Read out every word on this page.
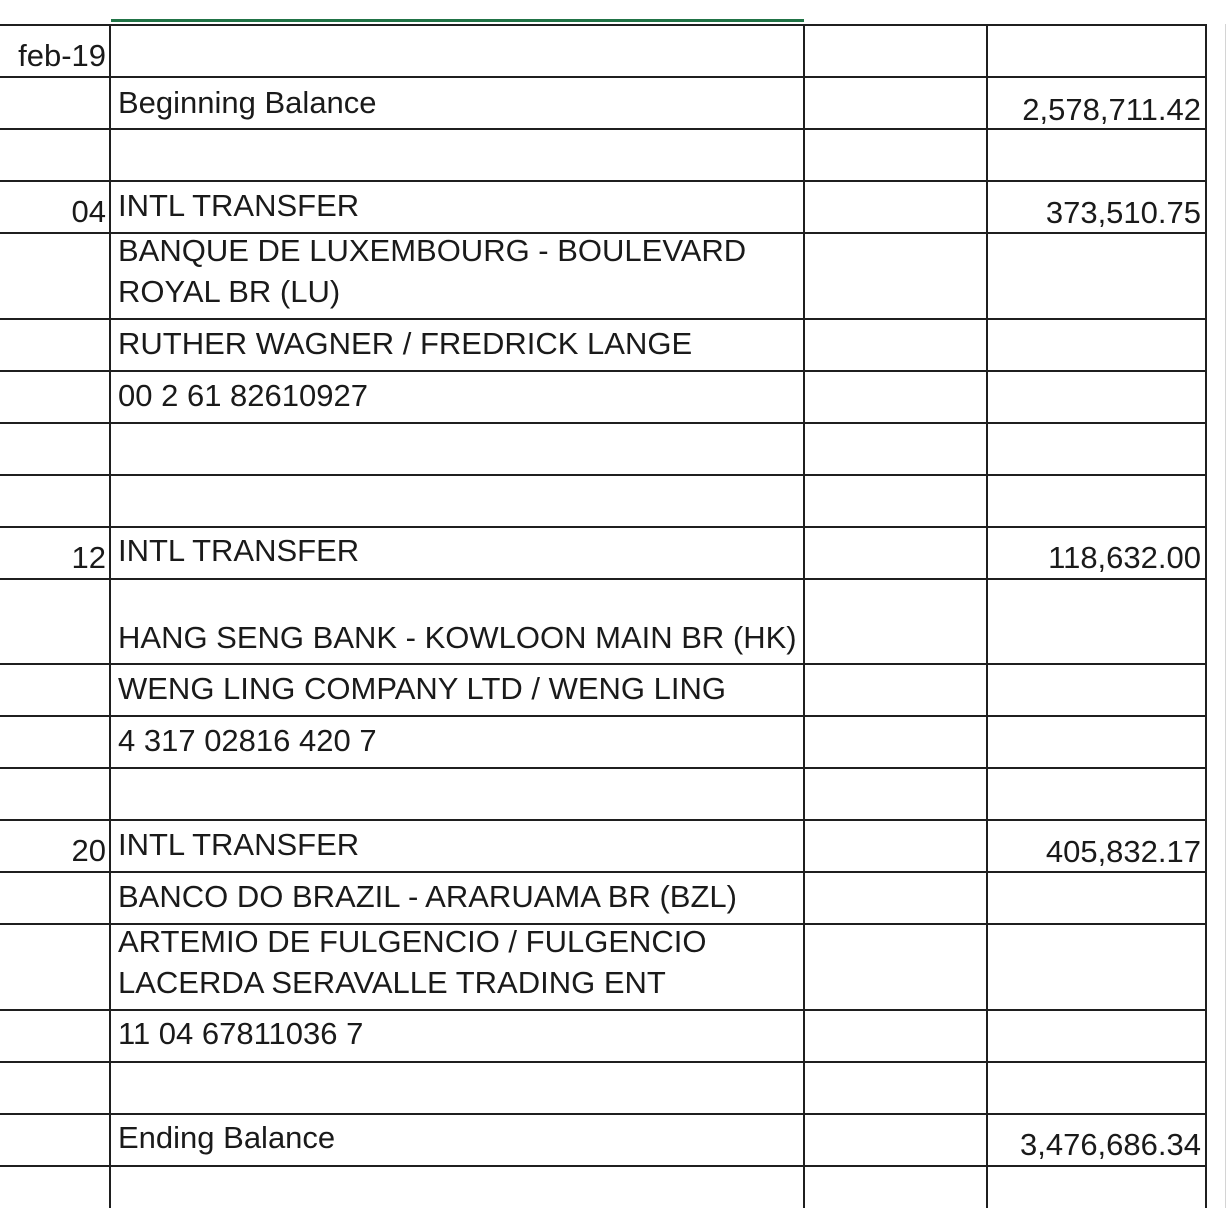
feb-19
Beginning Balance	2,578,711.42
04 INTL TRANSFER	373,510.75
BANQUE DE LUXEMBOURG - BOULEVARD
ROYAL BR (LU)
RUTHER WAGNER / FREDRICK LANGE
00 2 61 82610927
12 INTL TRANSFER	118,632.00
HANG SENG BANK - KOWLOON MAIN BR (HK)
WENG LING COMPANY LTD / WENG LING
4 317 02816 420 7
20 INTL TRANSFER	405,832.17
BANCO DO BRAZIL - ARARUAMA BR (BZL)
ARTEMIO DE FULGENCIO / FULGENCIO
LACERDA SERAVALLE TRADING ENT
11 04 67811036 7
Ending Balance	3,476,686.34
